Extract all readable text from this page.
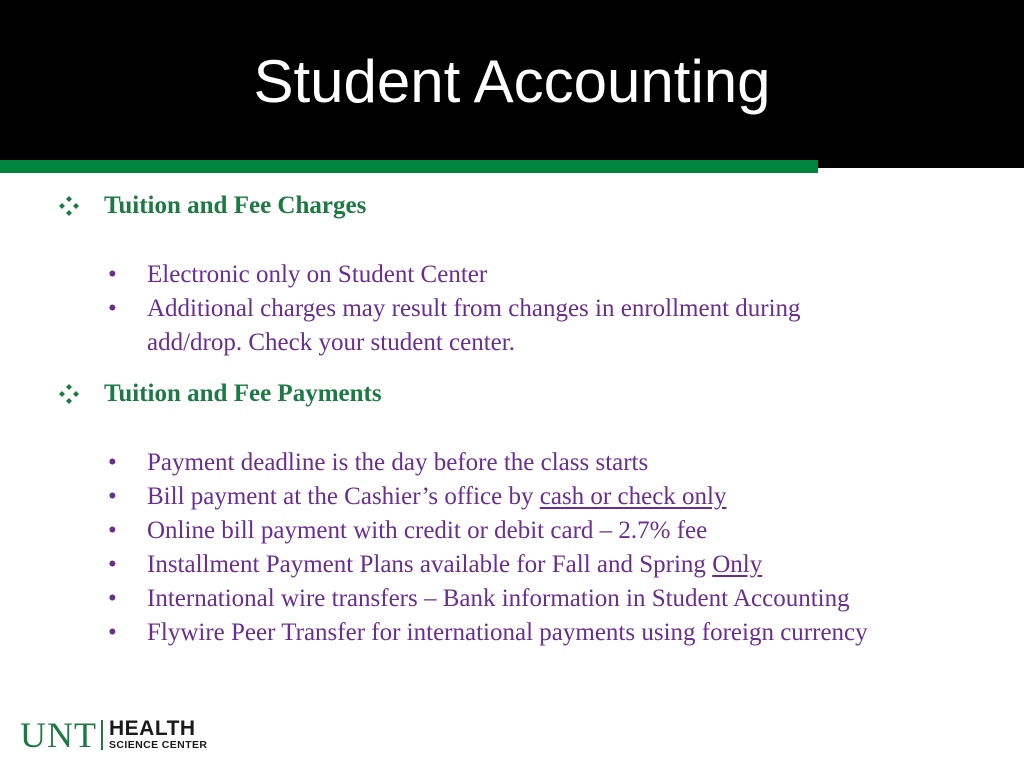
Student Accounting
Tuition and Fee Charges
• Electronic only on Student Center
• Additional charges may result from changes in enrollment during
add/drop. Check your student center.
Tuition and Fee Payments
• Payment deadline is the day before the class starts
• Bill payment at the Cashier’s office by cash or check only
• Online bill payment with credit or debit card – 2.7% fee
• Installment Payment Plans available for Fall and Spring Only
• International wire transfers – Bank information in Student Accounting
• Flywire Peer Transfer for international payments using foreign currency
UNT HEALTH
SCIENCE CENTER
